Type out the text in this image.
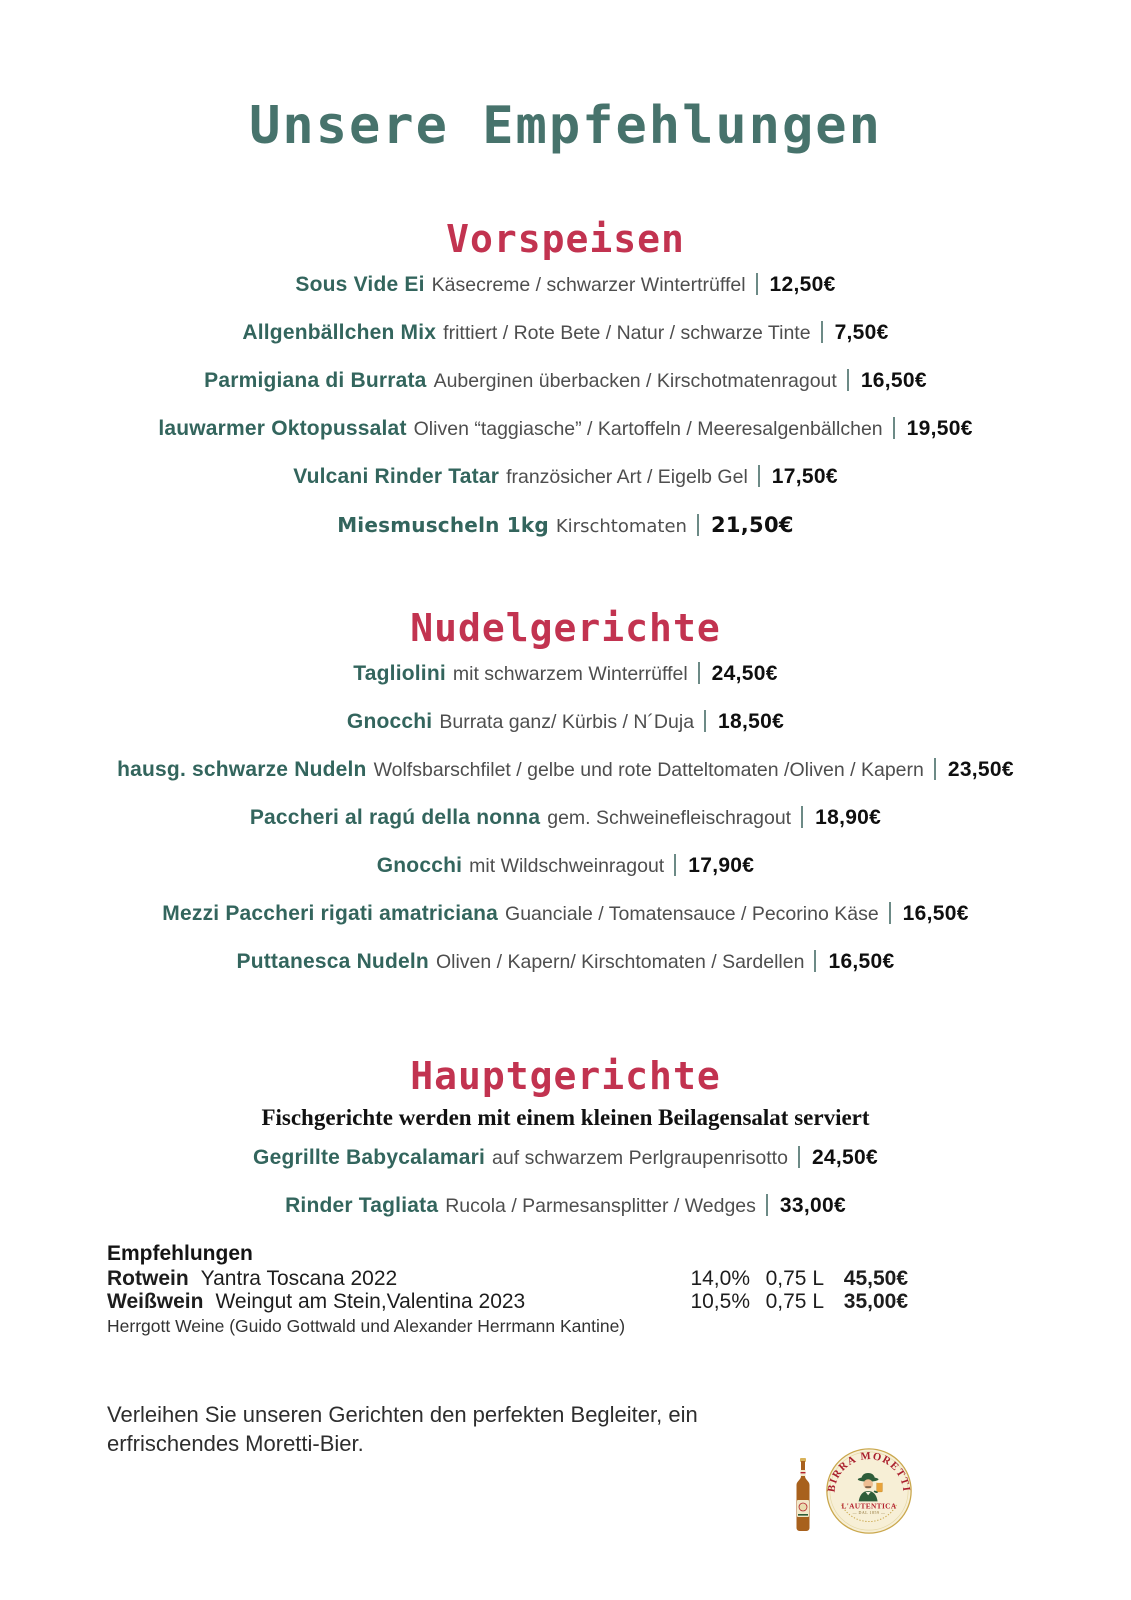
Unsere Empfehlungen
Vorspeisen
Sous Vide Ei Käsecreme / schwarzer Wintertrüffel 12,50€
Allgenbällchen Mix frittiert / Rote Bete / Natur / schwarze Tinte 7,50€
Parmigiana di Burrata Auberginen überbacken / Kirschotmatenragout 16,50€
lauwarmer Oktopussalat Oliven “taggiasche” / Kartoffeln / Meeresalgenbällchen 19,50€
Vulcani Rinder Tatar französicher Art / Eigelb Gel 17,50€
Miesmuscheln 1kg Kirschtomaten 21,50€
Nudelgerichte
Tagliolini mit schwarzem Winterrüffel 24,50€
Gnocchi Burrata ganz/ Kürbis / N´Duja 18,50€
hausg. schwarze Nudeln Wolfsbarschfilet / gelbe und rote Datteltomaten /Oliven / Kapern 23,50€
Paccheri al ragú della nonna gem. Schweinefleischragout 18,90€
Gnocchi mit Wildschweinragout 17,90€
Mezzi Paccheri rigati amatriciana Guanciale / Tomatensauce / Pecorino Käse 16,50€
Puttanesca Nudeln Oliven / Kapern/ Kirschtomaten / Sardellen 16,50€
Hauptgerichte
Fischgerichte werden mit einem kleinen Beilagensalat serviert
Gegrillte Babycalamari auf schwarzem Perlgraupenrisotto 24,50€
Rinder Tagliata Rucola / Parmesansplitter / Wedges 33,00€
Empfehlungen
Rotwein Yantra Toscana 2022	14,0% 0,75 L 45,50€
Weißwein Weingut am Stein,Valentina 2023	10,5% 0,75 L 35,00€
Herrgott Weine (Guido Gottwald und Alexander Herrmann Kantine)
Verleihen Sie unseren Gerichten den perfekten Begleiter, ein
erfrischendes Moretti-Bier.
BIRRA MORETTI
L'AUTENTICA
— DAL 1859 —
